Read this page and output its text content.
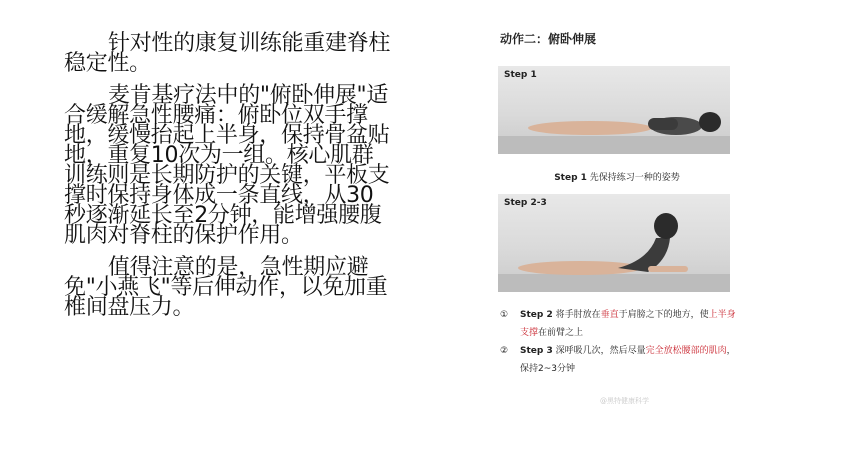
针对性的康复训练能重建脊柱稳定性。

麦肯基疗法中的"俯卧伸展"适合缓解急性腰痛：俯卧位双手撑地，缓慢抬起上半身，保持骨盆贴地，重复10次为一组。核心肌群训练则是长期防护的关键，平板支撑时保持身体成一条直线，从30秒逐渐延长至2分钟，能增强腰腹肌肉对脊柱的保护作用。

值得注意的是，急性期应避免"小燕飞"等后伸动作，以免加重椎间盘压力。

动作二：俯卧伸展
Step 1
Step 1 先保持练习一种的姿势
Step 2-3
① Step 2 将手肘放在垂直于肩膀之下的地方，使上半身支撑在前臂之上
② Step 3 深呼吸几次，然后尽量完全放松腰部的肌肉，保持2~3分钟
@黑特健康科学
